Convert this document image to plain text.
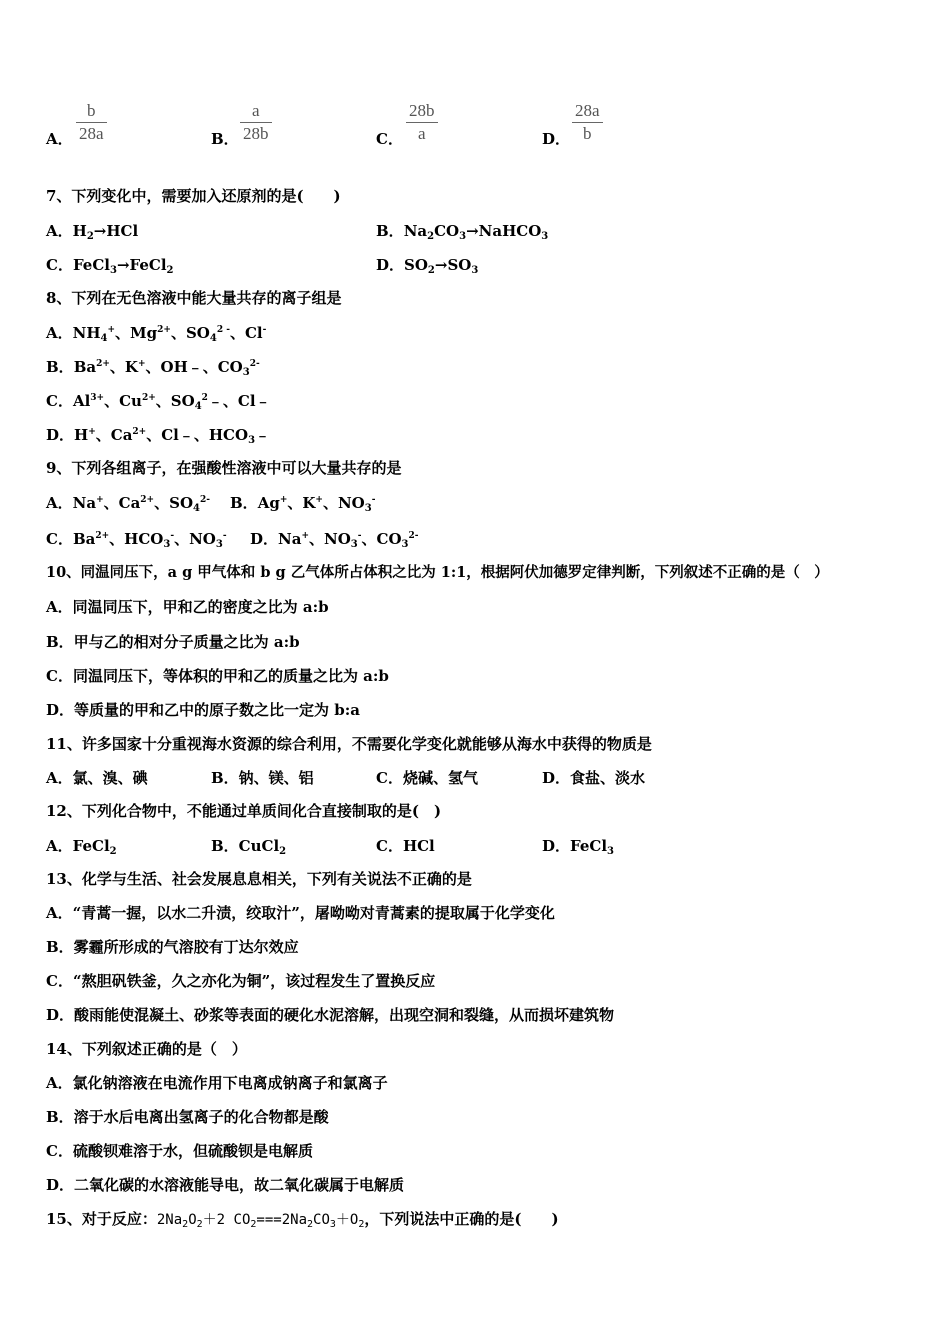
A．
b
28a	B．
a
28b	C．
28b
a	D．
28a
b
7、下列变化中，需要加入还原剂的是(　　)
A．$H_2\to HCl$	B．$Na_2CO_3\to NaHCO_3$
C．FeCl$_3$→FeCl$_2$	D．$SO_2\to SO_3$
8、下列在无色溶液中能大量共存的离子组是
A．$NH_4^+$、$Mg^{2+}$、$SO_4^{2 -}$、Cl-
B．$Ba^{2+}$、K+、OH﹣、$CO_3^{2-}$
C．$Al^{3+}$、$Cu^{2+}$、$SO_4^2﹣$、Cl﹣
D．H+、$Ca^{2+}$、Cl﹣、$HCO_3﹣$
9、下列各组离子，在强酸性溶液中可以大量共存的是
A．Na+、$Ca^{2+}$、$SO_4^{2-}$ B．Ag+、K+、$NO_3^-$
C．$Ba^{2+}$、$HCO_3^-$、$NO_3^-$ D．Na+、$NO_3^-$、$CO_3^{2-}$
10、同温同压下，a g 甲气体和 b g 乙气体所占体积之比为 1:1，根据阿伏加德罗定律判断，下列叙述不正确的是（　）
A．同温同压下，甲和乙的密度之比为 a:b
B．甲与乙的相对分子质量之比为 a:b
C．同温同压下，等体积的甲和乙的质量之比为 a:b
D．等质量的甲和乙中的原子数之比一定为 b:a
11、许多国家十分重视海水资源的综合利用，不需要化学变化就能够从海水中获得的物质是
A．氯、溴、碘	B．钠、镁、铝	C．烧碱、氢气	D．食盐、淡水
12、下列化合物中，不能通过单质间化合直接制取的是(　)
A．FeCl$_2$	B．CuCl$_2$	C．HCl	D．FeCl$_3$
13、化学与生活、社会发展息息相关，下列有关说法不正确的是
A．“青蒿一握，以水二升渍，绞取汁”，屠呦呦对青蒿素的提取属于化学变化
B．雾霾所形成的气溶胶有丁达尔效应
C．“熬胆矾铁釜，久之亦化为铜”，该过程发生了置换反应
D．酸雨能使混凝土、砂浆等表面的硬化水泥溶解，出现空洞和裂缝，从而损坏建筑物
14、下列叙述正确的是（　）
A．氯化钠溶液在电流作用下电离成钠离子和氯离子
B．溶于水后电离出氢离子的化合物都是酸
C．硫酸钡难溶于水，但硫酸钡是电解质
D．二氧化碳的水溶液能导电，故二氧化碳属于电解质
15、对于反应：$2Na_2O_2+2$ $CO_2===2Na_2CO_3+O_2$，下列说法中正确的是(　　)
